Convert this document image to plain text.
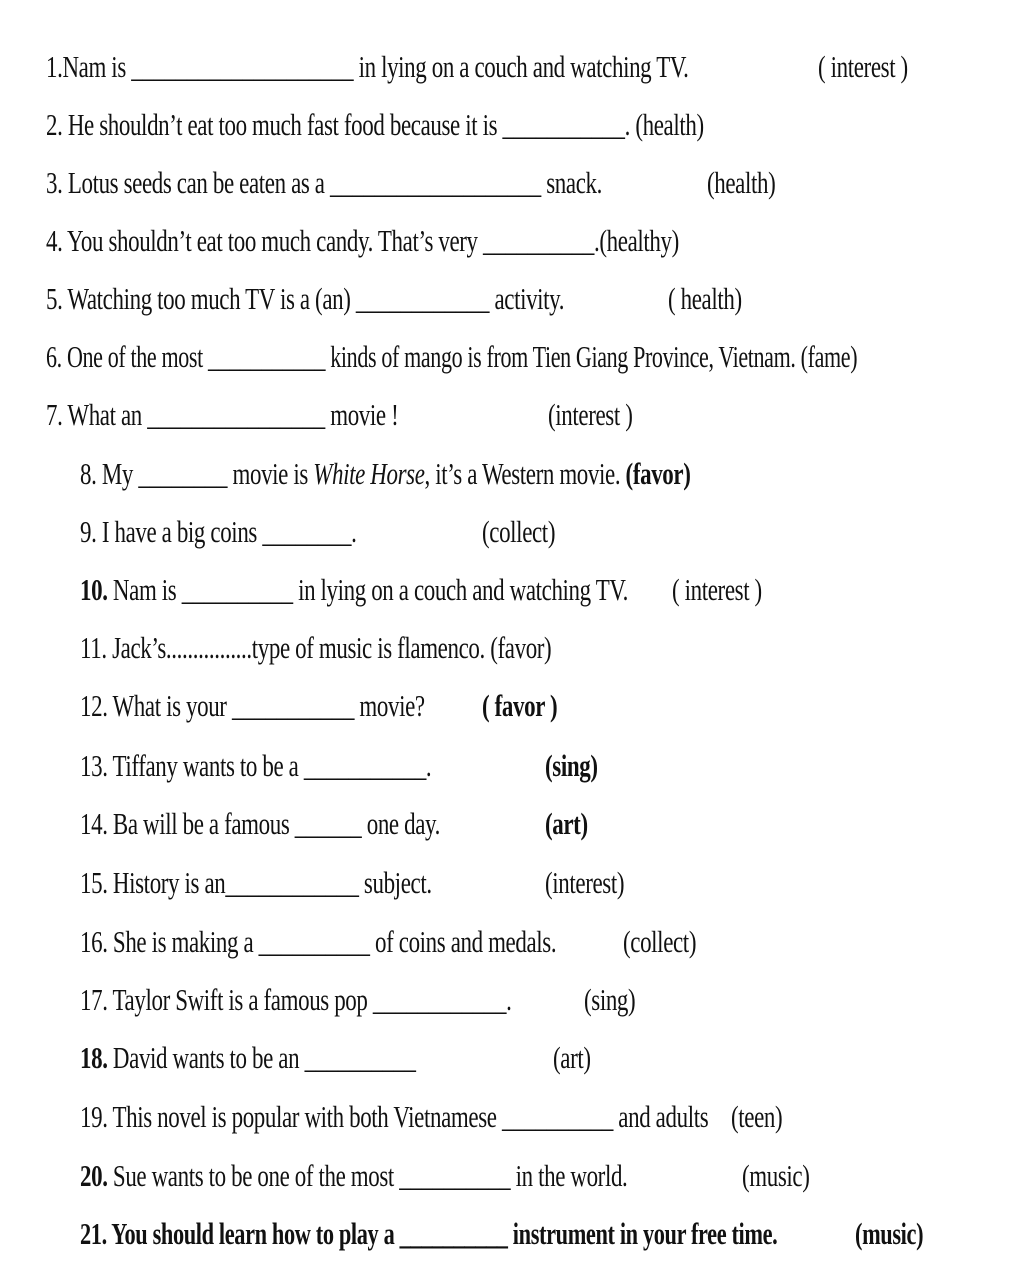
1.Nam is ____________________ in lying on a couch and watching TV.	( interest )
2. He shouldn’t eat too much fast food because it is ___________. (health)
3. Lotus seeds can be eaten as a ___________________ snack.	(health)
4. You shouldn’t eat too much candy. That’s very __________.(healthy)
5. Watching too much TV is a (an) ____________ activity.	( health)
6. One of the most ___________ kinds of mango is from Tien Giang Province, Vietnam. (fame)
7. What an ________________ movie !	(interest )
8. My ________ movie is White Horse, it’s a Western movie. (favor)
9. I have a big coins ________.	(collect)
10. Nam is __________ in lying on a couch and watching TV. ( interest )
11. Jack’s................type of music is flamenco. (favor)
12. What is your ___________ movie? ( favor )
13. Tiffany wants to be a ___________.	(sing)
14. Ba will be a famous ______ one day.	(art)
15. History is an____________ subject.	(interest)
16. She is making a __________ of coins and medals. (collect)
17. Taylor Swift is a famous pop ____________. (sing)
18. David wants to be an __________	(art)
19. This novel is popular with both Vietnamese __________ and adults (teen)
20. Sue wants to be one of the most __________ in the world.	(music)
21. You should learn how to play a __________ instrument in your free time.	(music)
